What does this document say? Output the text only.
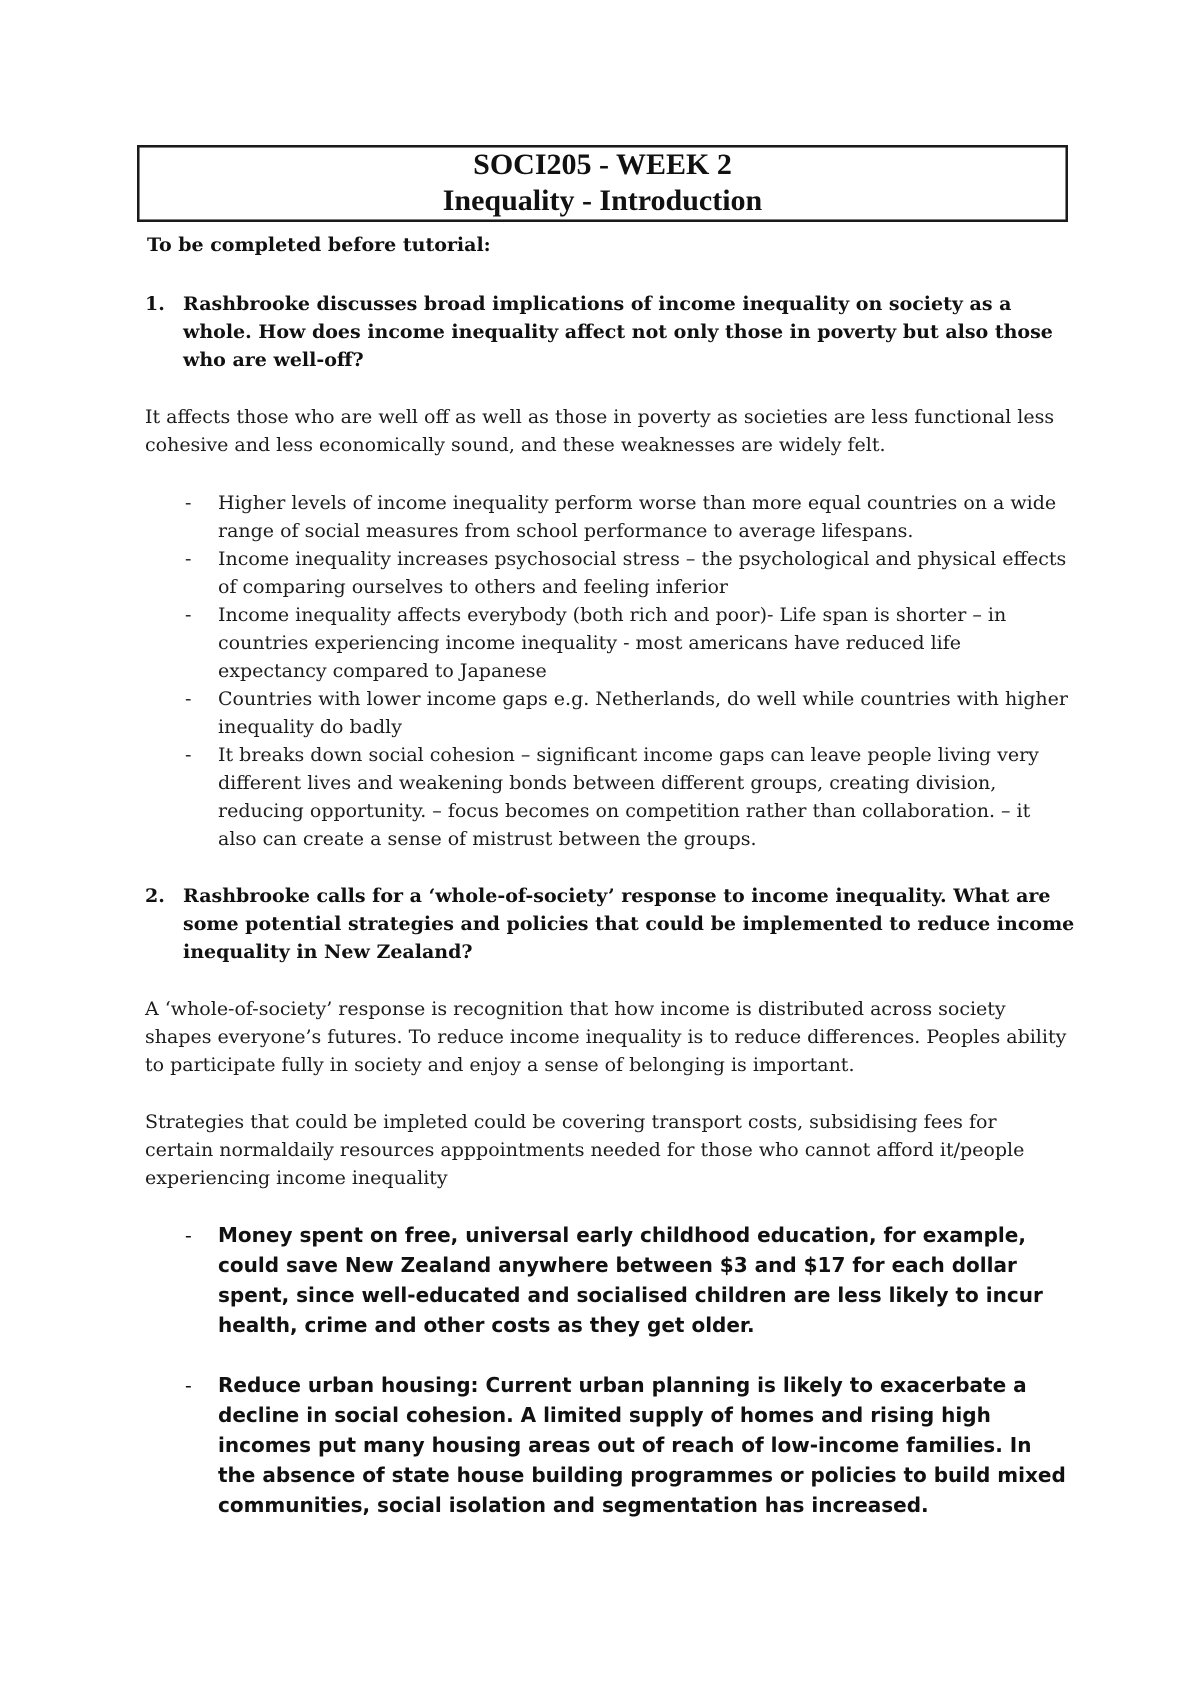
SOCI205 - WEEK 2
Inequality - Introduction
To be completed before tutorial:
1. Rashbrooke discusses broad implications of income inequality on society as a whole. How does income inequality affect not only those in poverty but also those who are well-off?
It affects those who are well off as well as those in poverty as societies are less functional less cohesive and less economically sound, and these weaknesses are widely felt.
- Higher levels of income inequality perform worse than more equal countries on a wide range of social measures from school performance to average lifespans.
- Income inequality increases psychosocial stress – the psychological and physical effects of comparing ourselves to others and feeling inferior
- Income inequality affects everybody (both rich and poor)- Life span is shorter – in countries experiencing income inequality - most americans have reduced life expectancy compared to Japanese
- Countries with lower income gaps e.g. Netherlands, do well while countries with higher inequality do badly
- It breaks down social cohesion – significant income gaps can leave people living very different lives and weakening bonds between different groups, creating division, reducing opportunity. – focus becomes on competition rather than collaboration. – it also can create a sense of mistrust between the groups.
2. Rashbrooke calls for a ‘whole-of-society’ response to income inequality. What are some potential strategies and policies that could be implemented to reduce income inequality in New Zealand?
A ‘whole-of-society’ response is recognition that how income is distributed across society shapes everyone’s futures. To reduce income inequality is to reduce differences. Peoples ability to participate fully in society and enjoy a sense of belonging is important.
Strategies that could be impleted could be covering transport costs, subsidising fees for certain normaldaily resources apppointments needed for those who cannot afford it/people experiencing income inequality
- Money spent on free, universal early childhood education, for example, could save New Zealand anywhere between $3 and $17 for each dollar spent, since well-educated and socialised children are less likely to incur health, crime and other costs as they get older.
- Reduce urban housing: Current urban planning is likely to exacerbate a decline in social cohesion. A limited supply of homes and rising high incomes put many housing areas out of reach of low-income families. In the absence of state house building programmes or policies to build mixed communities, social isolation and segmentation has increased.
